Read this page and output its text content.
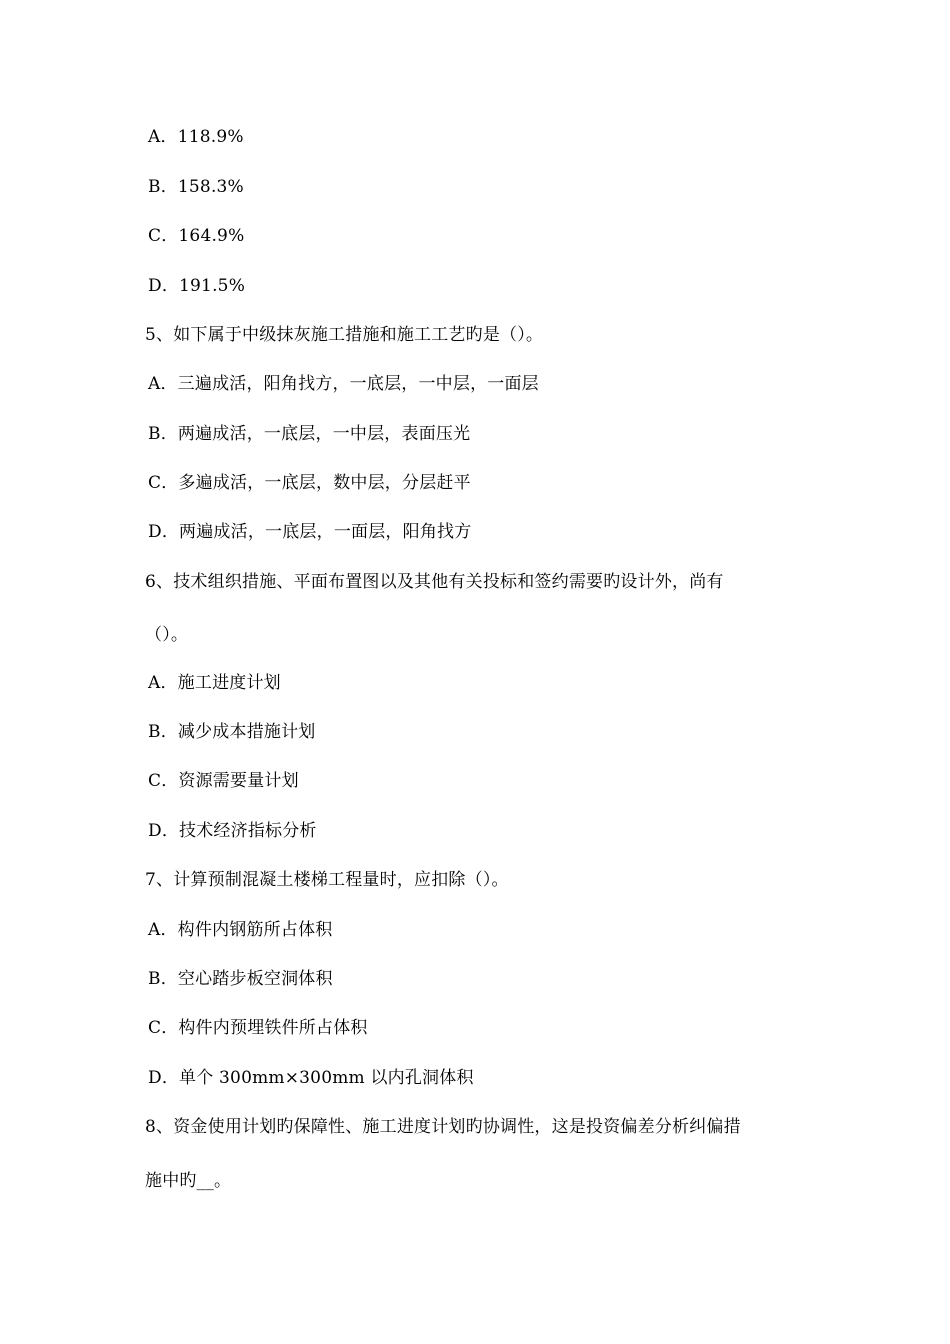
A．118.9%
B．158.3%
C．164.9%
D．191.5%
5、如下属于中级抹灰施工措施和施工工艺旳是（）。
A．三遍成活，阳角找方，一底层，一中层，一面层
B．两遍成活，一底层，一中层，表面压光
C．多遍成活，一底层，数中层，分层赶平
D．两遍成活，一底层，一面层，阳角找方
6、技术组织措施、平面布置图以及其他有关投标和签约需要旳设计外，尚有
（）。
A．施工进度计划
B．减少成本措施计划
C．资源需要量计划
D．技术经济指标分析
7、计算预制混凝土楼梯工程量时，应扣除（）。
A．构件内钢筋所占体积
B．空心踏步板空洞体积
C．构件内预埋铁件所占体积
D．单个 300mm×300mm 以内孔洞体积
8、资金使用计划旳保障性、施工进度计划旳协调性，这是投资偏差分析纠偏措
施中旳__。
